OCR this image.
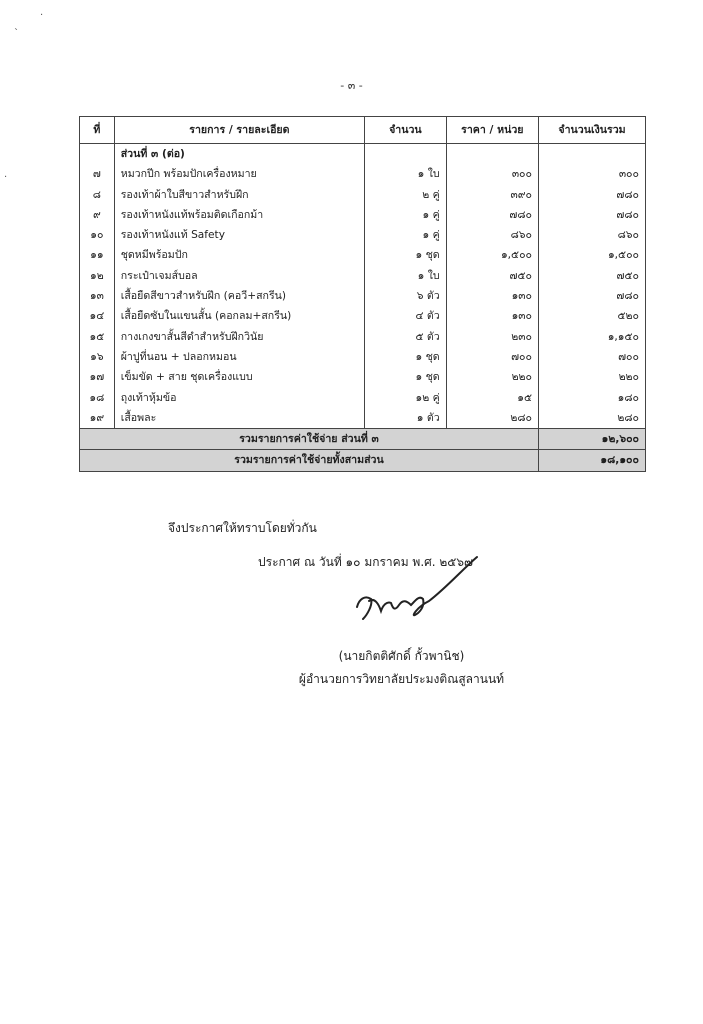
·
`
·
- ๓ -
ที่	รายการ / รายละเอียด	จำนวน	ราคา / หน่วย	จำนวนเงินรวม
	ส่วนที่ ๓ (ต่อ)			
๗	หมวกปีก พร้อมปักเครื่องหมาย	๑ ใบ	๓๐๐	๓๐๐
๘	รองเท้าผ้าใบสีขาวสำหรับฝึก	๒ คู่	๓๙๐	๗๘๐
๙	รองเท้าหนังแท้พร้อมติดเกือกม้า	๑ คู่	๗๘๐	๗๘๐
๑๐	รองเท้าหนังแท้ Safety	๑ คู่	๘๖๐	๘๖๐
๑๑	ชุดหมีพร้อมปัก	๑ ชุด	๑,๕๐๐	๑,๕๐๐
๑๒	กระเป๋าเจมส์บอล	๑ ใบ	๗๕๐	๗๕๐
๑๓	เสื้อยืดสีขาวสำหรับฝึก (คอวี+สกรีน)	๖ ตัว	๑๓๐	๗๘๐
๑๔	เสื้อยืดซับในแขนสั้น (คอกลม+สกรีน)	๔ ตัว	๑๓๐	๕๒๐
๑๕	กางเกงขาสั้นสีดำสำหรับฝึกวินัย	๕ ตัว	๒๓๐	๑,๑๕๐
๑๖	ผ้าปูที่นอน + ปลอกหมอน	๑ ชุด	๗๐๐	๗๐๐
๑๗	เข็มขัด + สาย ชุดเครื่องแบบ	๑ ชุด	๒๒๐	๒๒๐
๑๘	ถุงเท้าหุ้มข้อ	๑๒ คู่	๑๕	๑๘๐
๑๙	เสื้อพละ	๑ ตัว	๒๘๐	๒๘๐
รวมรายการค่าใช้จ่าย ส่วนที่ ๓				๑๒,๖๐๐
รวมรายการค่าใช้จ่ายทั้งสามส่วน				๑๘,๑๐๐
จึงประกาศให้ทราบโดยทั่วกัน
ประกาศ ณ วันที่ ๑๐ มกราคม พ.ศ. ๒๕๖๗
(นายกิตติศักดิ์ กั้วพานิช)
ผู้อำนวยการวิทยาลัยประมงติณสูลานนท์
